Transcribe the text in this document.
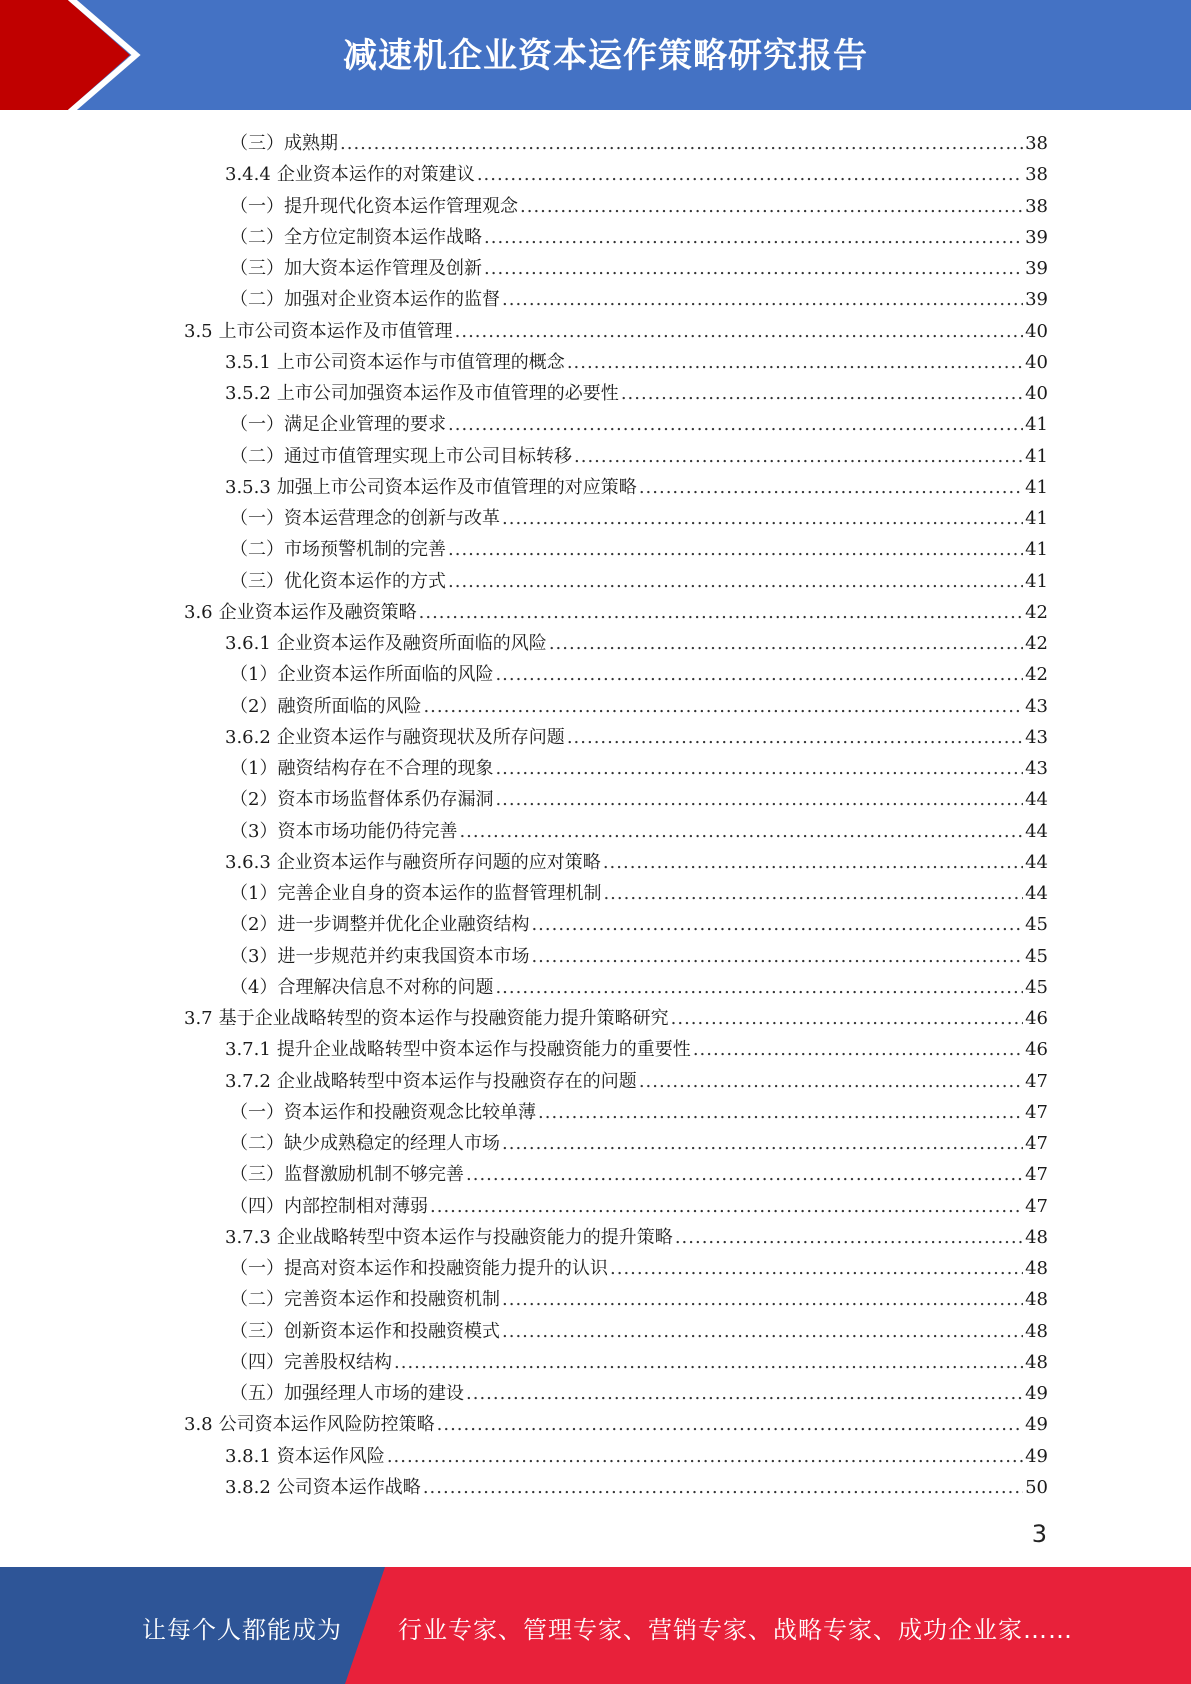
减速机企业资本运作策略研究报告
（三）成熟期 .....	38
3.4.4 企业资本运作的对策建议 .....	38
（一）提升现代化资本运作管理观念 .....	38
（二）全方位定制资本运作战略 .....	39
（三）加大资本运作管理及创新 .....	39
（二）加强对企业资本运作的监督 .....	39
3.5 上市公司资本运作及市值管理 .....	40
3.5.1 上市公司资本运作与市值管理的概念 .....	40
3.5.2 上市公司加强资本运作及市值管理的必要性 .....	40
（一）满足企业管理的要求 .....	41
（二）通过市值管理实现上市公司目标转移 .....	41
3.5.3 加强上市公司资本运作及市值管理的对应策略 .....	41
（一）资本运营理念的创新与改革 .....	41
（二）市场预警机制的完善 .....	41
（三）优化资本运作的方式 .....	41
3.6 企业资本运作及融资策略 .....	42
3.6.1 企业资本运作及融资所面临的风险 .....	42
（1）企业资本运作所面临的风险 .....	42
（2）融资所面临的风险 .....	43
3.6.2 企业资本运作与融资现状及所存问题 .....	43
（1）融资结构存在不合理的现象 .....	43
（2）资本市场监督体系仍存漏洞 .....	44
（3）资本市场功能仍待完善 .....	44
3.6.3 企业资本运作与融资所存问题的应对策略 .....	44
（1）完善企业自身的资本运作的监督管理机制 .....	44
（2）进一步调整并优化企业融资结构 .....	45
（3）进一步规范并约束我国资本市场 .....	45
（4）合理解决信息不对称的问题 .....	45
3.7 基于企业战略转型的资本运作与投融资能力提升策略研究 .....	46
3.7.1 提升企业战略转型中资本运作与投融资能力的重要性 .....	46
3.7.2 企业战略转型中资本运作与投融资存在的问题 .....	47
（一）资本运作和投融资观念比较单薄 .....	47
（二）缺少成熟稳定的经理人市场 .....	47
（三）监督激励机制不够完善 .....	47
（四）内部控制相对薄弱 .....	47
3.7.3 企业战略转型中资本运作与投融资能力的提升策略 .....	48
（一）提高对资本运作和投融资能力提升的认识 .....	48
（二）完善资本运作和投融资机制 .....	48
（三）创新资本运作和投融资模式 .....	48
（四）完善股权结构 .....	48
（五）加强经理人市场的建设 .....	49
3.8 公司资本运作风险防控策略 .....	49
3.8.1 资本运作风险 .....	49
3.8.2 公司资本运作战略 .....	50
3
让每个人都能成为 行业专家、管理专家、营销专家、战略专家、成功企业家……
